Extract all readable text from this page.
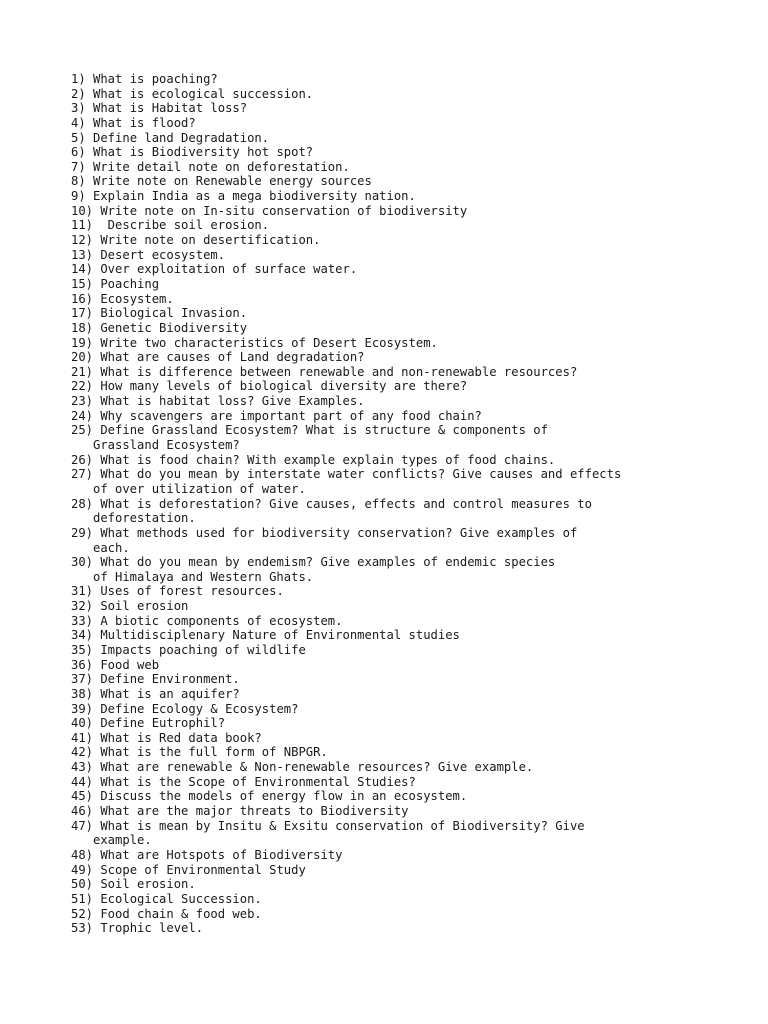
1) What is poaching?
2) What is ecological succession.
3) What is Habitat loss?
4) What is flood?
5) Define land Degradation.
6) What is Biodiversity hot spot?
7) Write detail note on deforestation.
8) Write note on Renewable energy sources
9) Explain India as a mega biodiversity nation.
10) Write note on In-situ conservation of biodiversity
11)  Describe soil erosion.
12) Write note on desertification.
13) Desert ecosystem.
14) Over exploitation of surface water.
15) Poaching
16) Ecosystem.
17) Biological Invasion.
18) Genetic Biodiversity
19) Write two characteristics of Desert Ecosystem.
20) What are causes of Land degradation?
21) What is difference between renewable and non-renewable resources?
22) How many levels of biological diversity are there?
23) What is habitat loss? Give Examples.
24) Why scavengers are important part of any food chain?
25) Define Grassland Ecosystem? What is structure & components of
Grassland Ecosystem?
26) What is food chain? With example explain types of food chains.
27) What do you mean by interstate water conflicts? Give causes and effects
of over utilization of water.
28) What is deforestation? Give causes, effects and control measures to
deforestation.
29) What methods used for biodiversity conservation? Give examples of
each.
30) What do you mean by endemism? Give examples of endemic species
of Himalaya and Western Ghats.
31) Uses of forest resources.
32) Soil erosion
33) A biotic components of ecosystem.
34) Multidisciplenary Nature of Environmental studies
35) Impacts poaching of wildlife
36) Food web
37) Define Environment.
38) What is an aquifer?
39) Define Ecology & Ecosystem?
40) Define Eutrophil?
41) What is Red data book?
42) What is the full form of NBPGR.
43) What are renewable & Non-renewable resources? Give example.
44) What is the Scope of Environmental Studies?
45) Discuss the models of energy flow in an ecosystem.
46) What are the major threats to Biodiversity
47) What is mean by Insitu & Exsitu conservation of Biodiversity? Give
example.
48) What are Hotspots of Biodiversity
49) Scope of Environmental Study
50) Soil erosion.
51) Ecological Succession.
52) Food chain & food web.
53) Trophic level.
